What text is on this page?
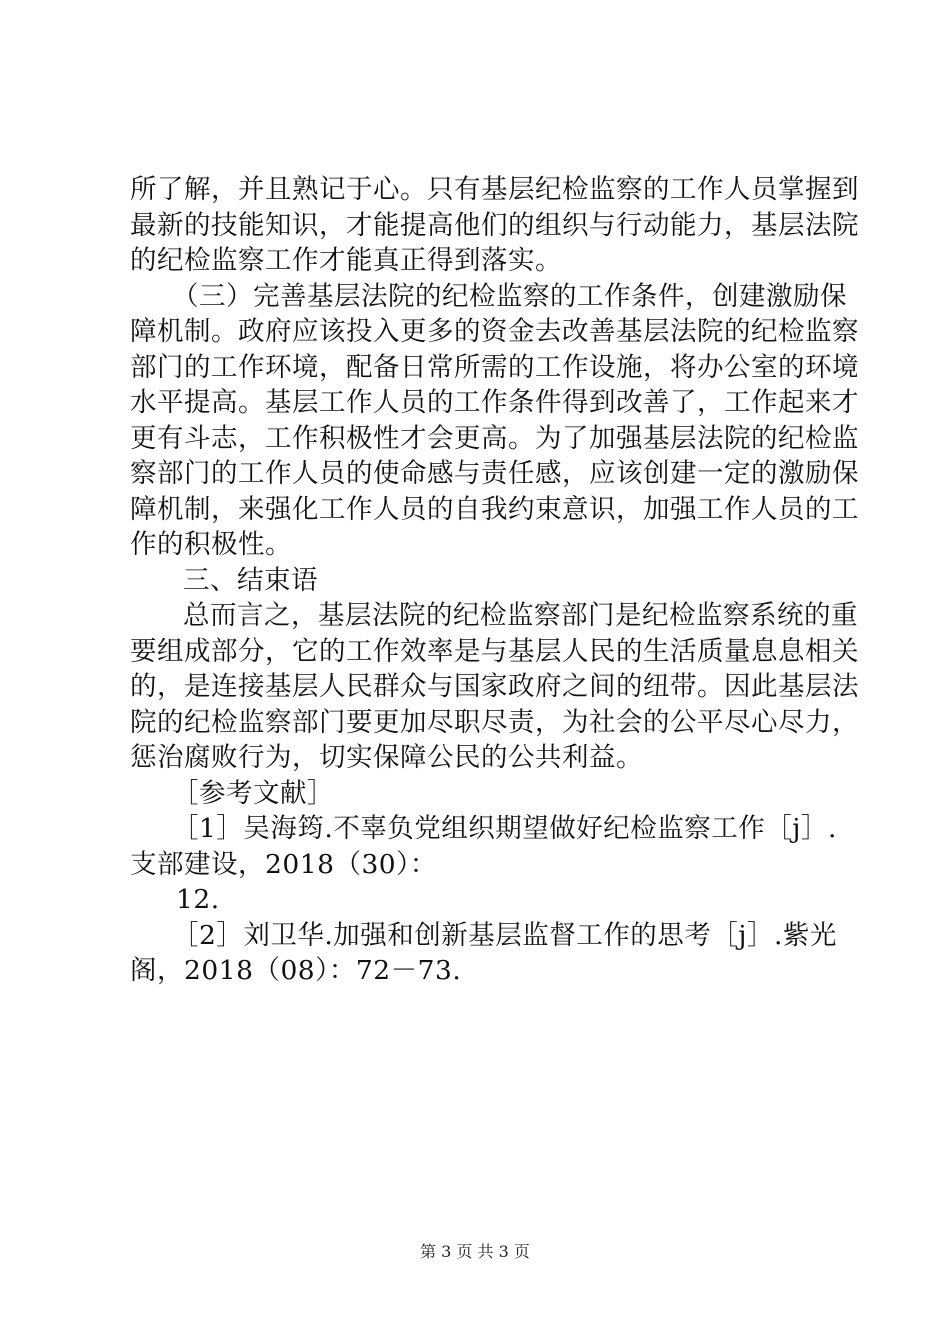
所了解，并且熟记于心。只有基层纪检监察的工作人员掌握到
最新的技能知识，才能提高他们的组织与行动能力，基层法院
的纪检监察工作才能真正得到落实。
（三）完善基层法院的纪检监察的工作条件，创建激励保
障机制。政府应该投入更多的资金去改善基层法院的纪检监察
部门的工作环境，配备日常所需的工作设施，将办公室的环境
水平提高。基层工作人员的工作条件得到改善了，工作起来才
更有斗志，工作积极性才会更高。为了加强基层法院的纪检监
察部门的工作人员的使命感与责任感，应该创建一定的激励保
障机制，来强化工作人员的自我约束意识，加强工作人员的工
作的积极性。
三、结束语
总而言之，基层法院的纪检监察部门是纪检监察系统的重
要组成部分，它的工作效率是与基层人民的生活质量息息相关
的，是连接基层人民群众与国家政府之间的纽带。因此基层法
院的纪检监察部门要更加尽职尽责，为社会的公平尽心尽力，
惩治腐败行为，切实保障公民的公共利益。
［参考文献］
［1］吴海筠.不辜负党组织期望做好纪检监察工作［j］.
支部建设，2018（30）：
12.
［2］刘卫华.加强和创新基层监督工作的思考［j］.紫光
阁，2018（08）：72－73.
第 3 页 共 3 页
